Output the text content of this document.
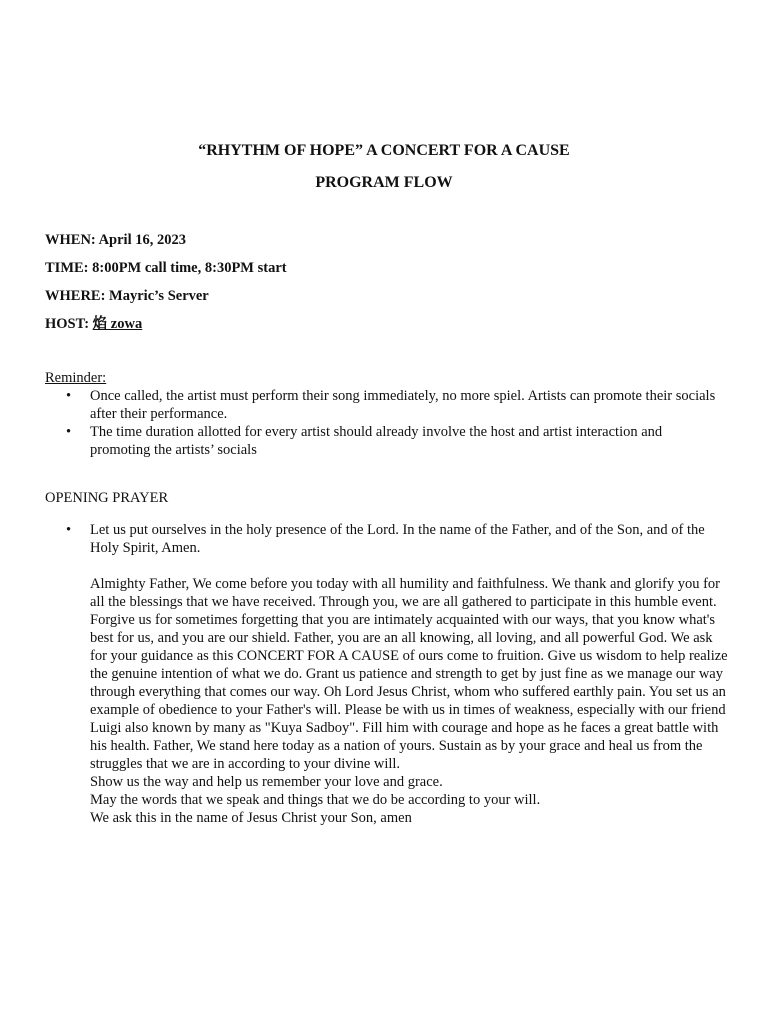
“RHYTHM OF HOPE” A CONCERT FOR A CAUSE
PROGRAM FLOW
WHEN: April 16, 2023
TIME: 8:00PM call time, 8:30PM start
WHERE: Mayric’s Server
HOST: 焰 zowa
Reminder:
• Once called, the artist must perform their song immediately, no more spiel. Artists can promote their socials after their performance.
• The time duration allotted for every artist should already involve the host and artist interaction and promoting the artists’ socials
OPENING PRAYER
• Let us put ourselves in the holy presence of the Lord. In the name of the Father, and of the Son, and of the Holy Spirit, Amen.

Almighty Father, We come before you today with all humility and faithfulness. We thank and glorify you for all the blessings that we have received. Through you, we are all gathered to participate in this humble event. Forgive us for sometimes forgetting that you are intimately acquainted with our ways, that you know what's best for us, and you are our shield. Father, you are an all knowing, all loving, and all powerful God. We ask for your guidance as this CONCERT FOR A CAUSE of ours come to fruition. Give us wisdom to help realize the genuine intention of what we do. Grant us patience and strength to get by just fine as we manage our way through everything that comes our way. Oh Lord Jesus Christ, whom who suffered earthly pain. You set us an example of obedience to your Father's will. Please be with us in times of weakness, especially with our friend Luigi also known by many as "Kuya Sadboy". Fill him with courage and hope as he faces a great battle with his health. Father, We stand here today as a nation of yours. Sustain as by your grace and heal us from the struggles that we are in according to your divine will.

Show us the way and help us remember your love and grace.

May the words that we speak and things that we do be according to your will.

We ask this in the name of Jesus Christ your Son, amen
